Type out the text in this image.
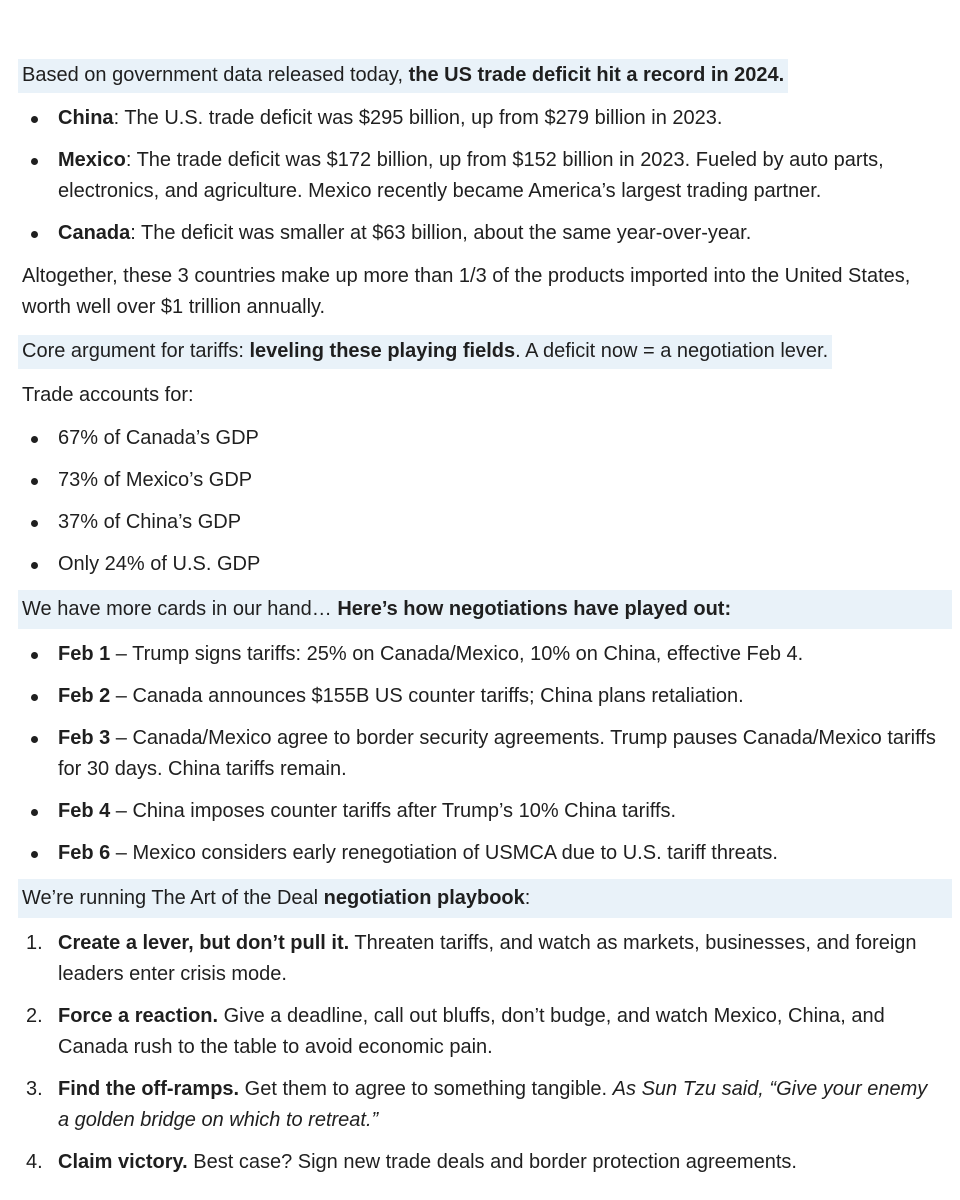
Based on government data released today, the US trade deficit hit a record in 2024.
China: The U.S. trade deficit was $295 billion, up from $279 billion in 2023.
Mexico: The trade deficit was $172 billion, up from $152 billion in 2023. Fueled by auto parts, electronics, and agriculture. Mexico recently became America’s largest trading partner.
Canada: The deficit was smaller at $63 billion, about the same year-over-year.
Altogether, these 3 countries make up more than 1/3 of the products imported into the United States, worth well over $1 trillion annually.
Core argument for tariffs: leveling these playing fields. A deficit now = a negotiation lever.
Trade accounts for:
67% of Canada’s GDP
73% of Mexico’s GDP
37% of China’s GDP
Only 24% of U.S. GDP
We have more cards in our hand… Here’s how negotiations have played out:
Feb 1 – Trump signs tariffs: 25% on Canada/Mexico, 10% on China, effective Feb 4.
Feb 2 – Canada announces $155B US counter tariffs; China plans retaliation.
Feb 3 – Canada/Mexico agree to border security agreements. Trump pauses Canada/Mexico tariffs for 30 days. China tariffs remain.
Feb 4 – China imposes counter tariffs after Trump’s 10% China tariffs.
Feb 6 – Mexico considers early renegotiation of USMCA due to U.S. tariff threats.
We’re running The Art of the Deal negotiation playbook:
1. Create a lever, but don’t pull it. Threaten tariffs, and watch as markets, businesses, and foreign leaders enter crisis mode.
2. Force a reaction. Give a deadline, call out bluffs, don’t budge, and watch Mexico, China, and Canada rush to the table to avoid economic pain.
3. Find the off-ramps. Get them to agree to something tangible. As Sun Tzu said, “Give your enemy a golden bridge on which to retreat.”
4. Claim victory. Best case? Sign new trade deals and border protection agreements.
